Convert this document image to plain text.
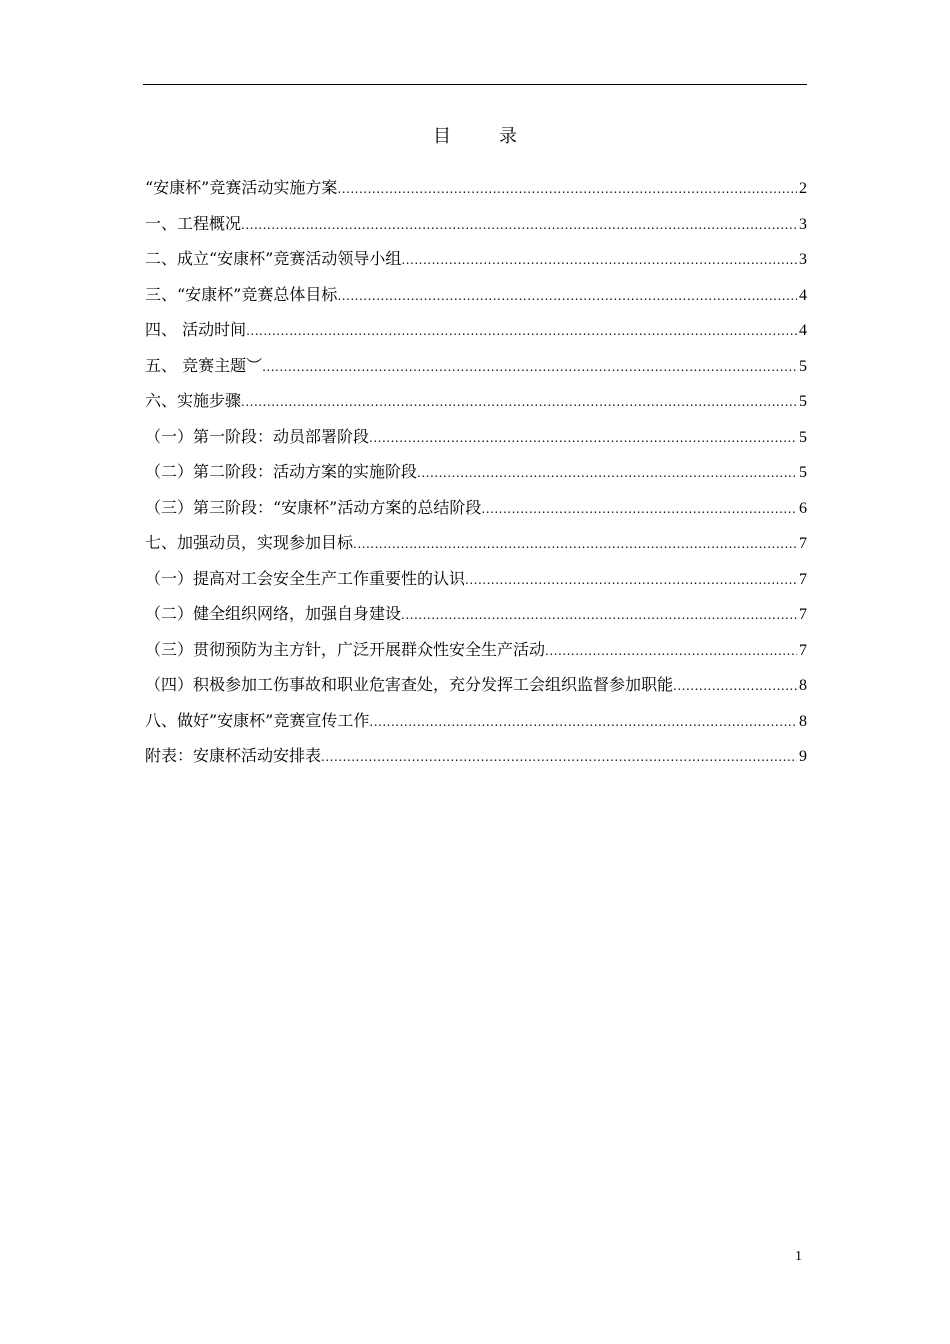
目	录
“安康杯”竞赛活动实施方案 .....	2
一、工程概况 .....	3
二、成立“安康杯”竞赛活动领导小组 .....	3
三、“安康杯”竞赛总体目标 .....	4
四、 活动时间 .....	4
五、 竞赛主题︶ .....	5
六、实施步骤 .....	5
（一）第一阶段：动员部署阶段 .....	5
（二）第二阶段：活动方案的实施阶段 .....	5
（三）第三阶段：“安康杯”活动方案的总结阶段 .....	6
七、加强动员，实现参加目标 .....	7
（一）提高对工会安全生产工作重要性的认识 .....	7
（二）健全组织网络，加强自身建设 .....	7
（三）贯彻预防为主方针，广泛开展群众性安全生产活动 .....	7
（四）积极参加工伤事故和职业危害查处，充分发挥工会组织监督参加职能 .....	8
八、做好”安康杯”竞赛宣传工作 .....	8
附表：安康杯活动安排表 .....	9
1
